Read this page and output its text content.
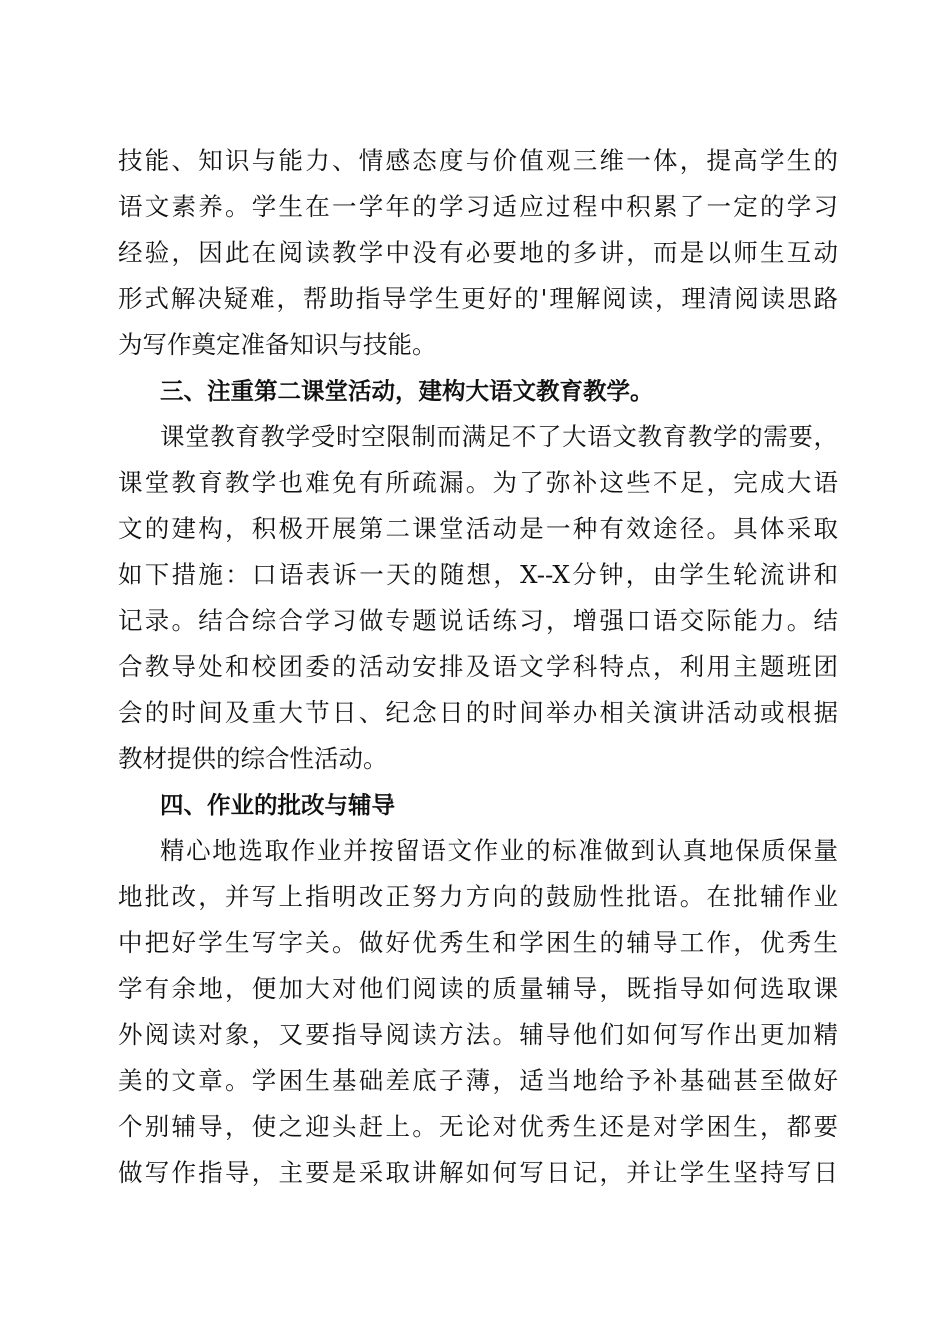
技能、知识与能力、情感态度与价值观三维一体，提高学生的
语文素养。学生在一学年的学习适应过程中积累了一定的学习
经验，因此在阅读教学中没有必要地的多讲，而是以师生互动
形式解决疑难，帮助指导学生更好的'理解阅读，理清阅读思路
为写作奠定准备知识与技能。
三、注重第二课堂活动，建构大语文教育教学。
课堂教育教学受时空限制而满足不了大语文教育教学的需要，
课堂教育教学也难免有所疏漏。为了弥补这些不足，完成大语
文的建构，积极开展第二课堂活动是一种有效途径。具体采取
如下措施：口语表诉一天的随想，X--X分钟，由学生轮流讲和
记录。结合综合学习做专题说话练习，增强口语交际能力。结
合教导处和校团委的活动安排及语文学科特点，利用主题班团
会的时间及重大节日、纪念日的时间举办相关演讲活动或根据
教材提供的综合性活动。
四、作业的批改与辅导
精心地选取作业并按留语文作业的标准做到认真地保质保量
地批改，并写上指明改正努力方向的鼓励性批语。在批辅作业
中把好学生写字关。做好优秀生和学困生的辅导工作，优秀生
学有余地，便加大对他们阅读的质量辅导，既指导如何选取课
外阅读对象，又要指导阅读方法。辅导他们如何写作出更加精
美的文章。学困生基础差底子薄，适当地给予补基础甚至做好
个别辅导，使之迎头赶上。无论对优秀生还是对学困生，都要
做写作指导，主要是采取讲解如何写日记，并让学生坚持写日
